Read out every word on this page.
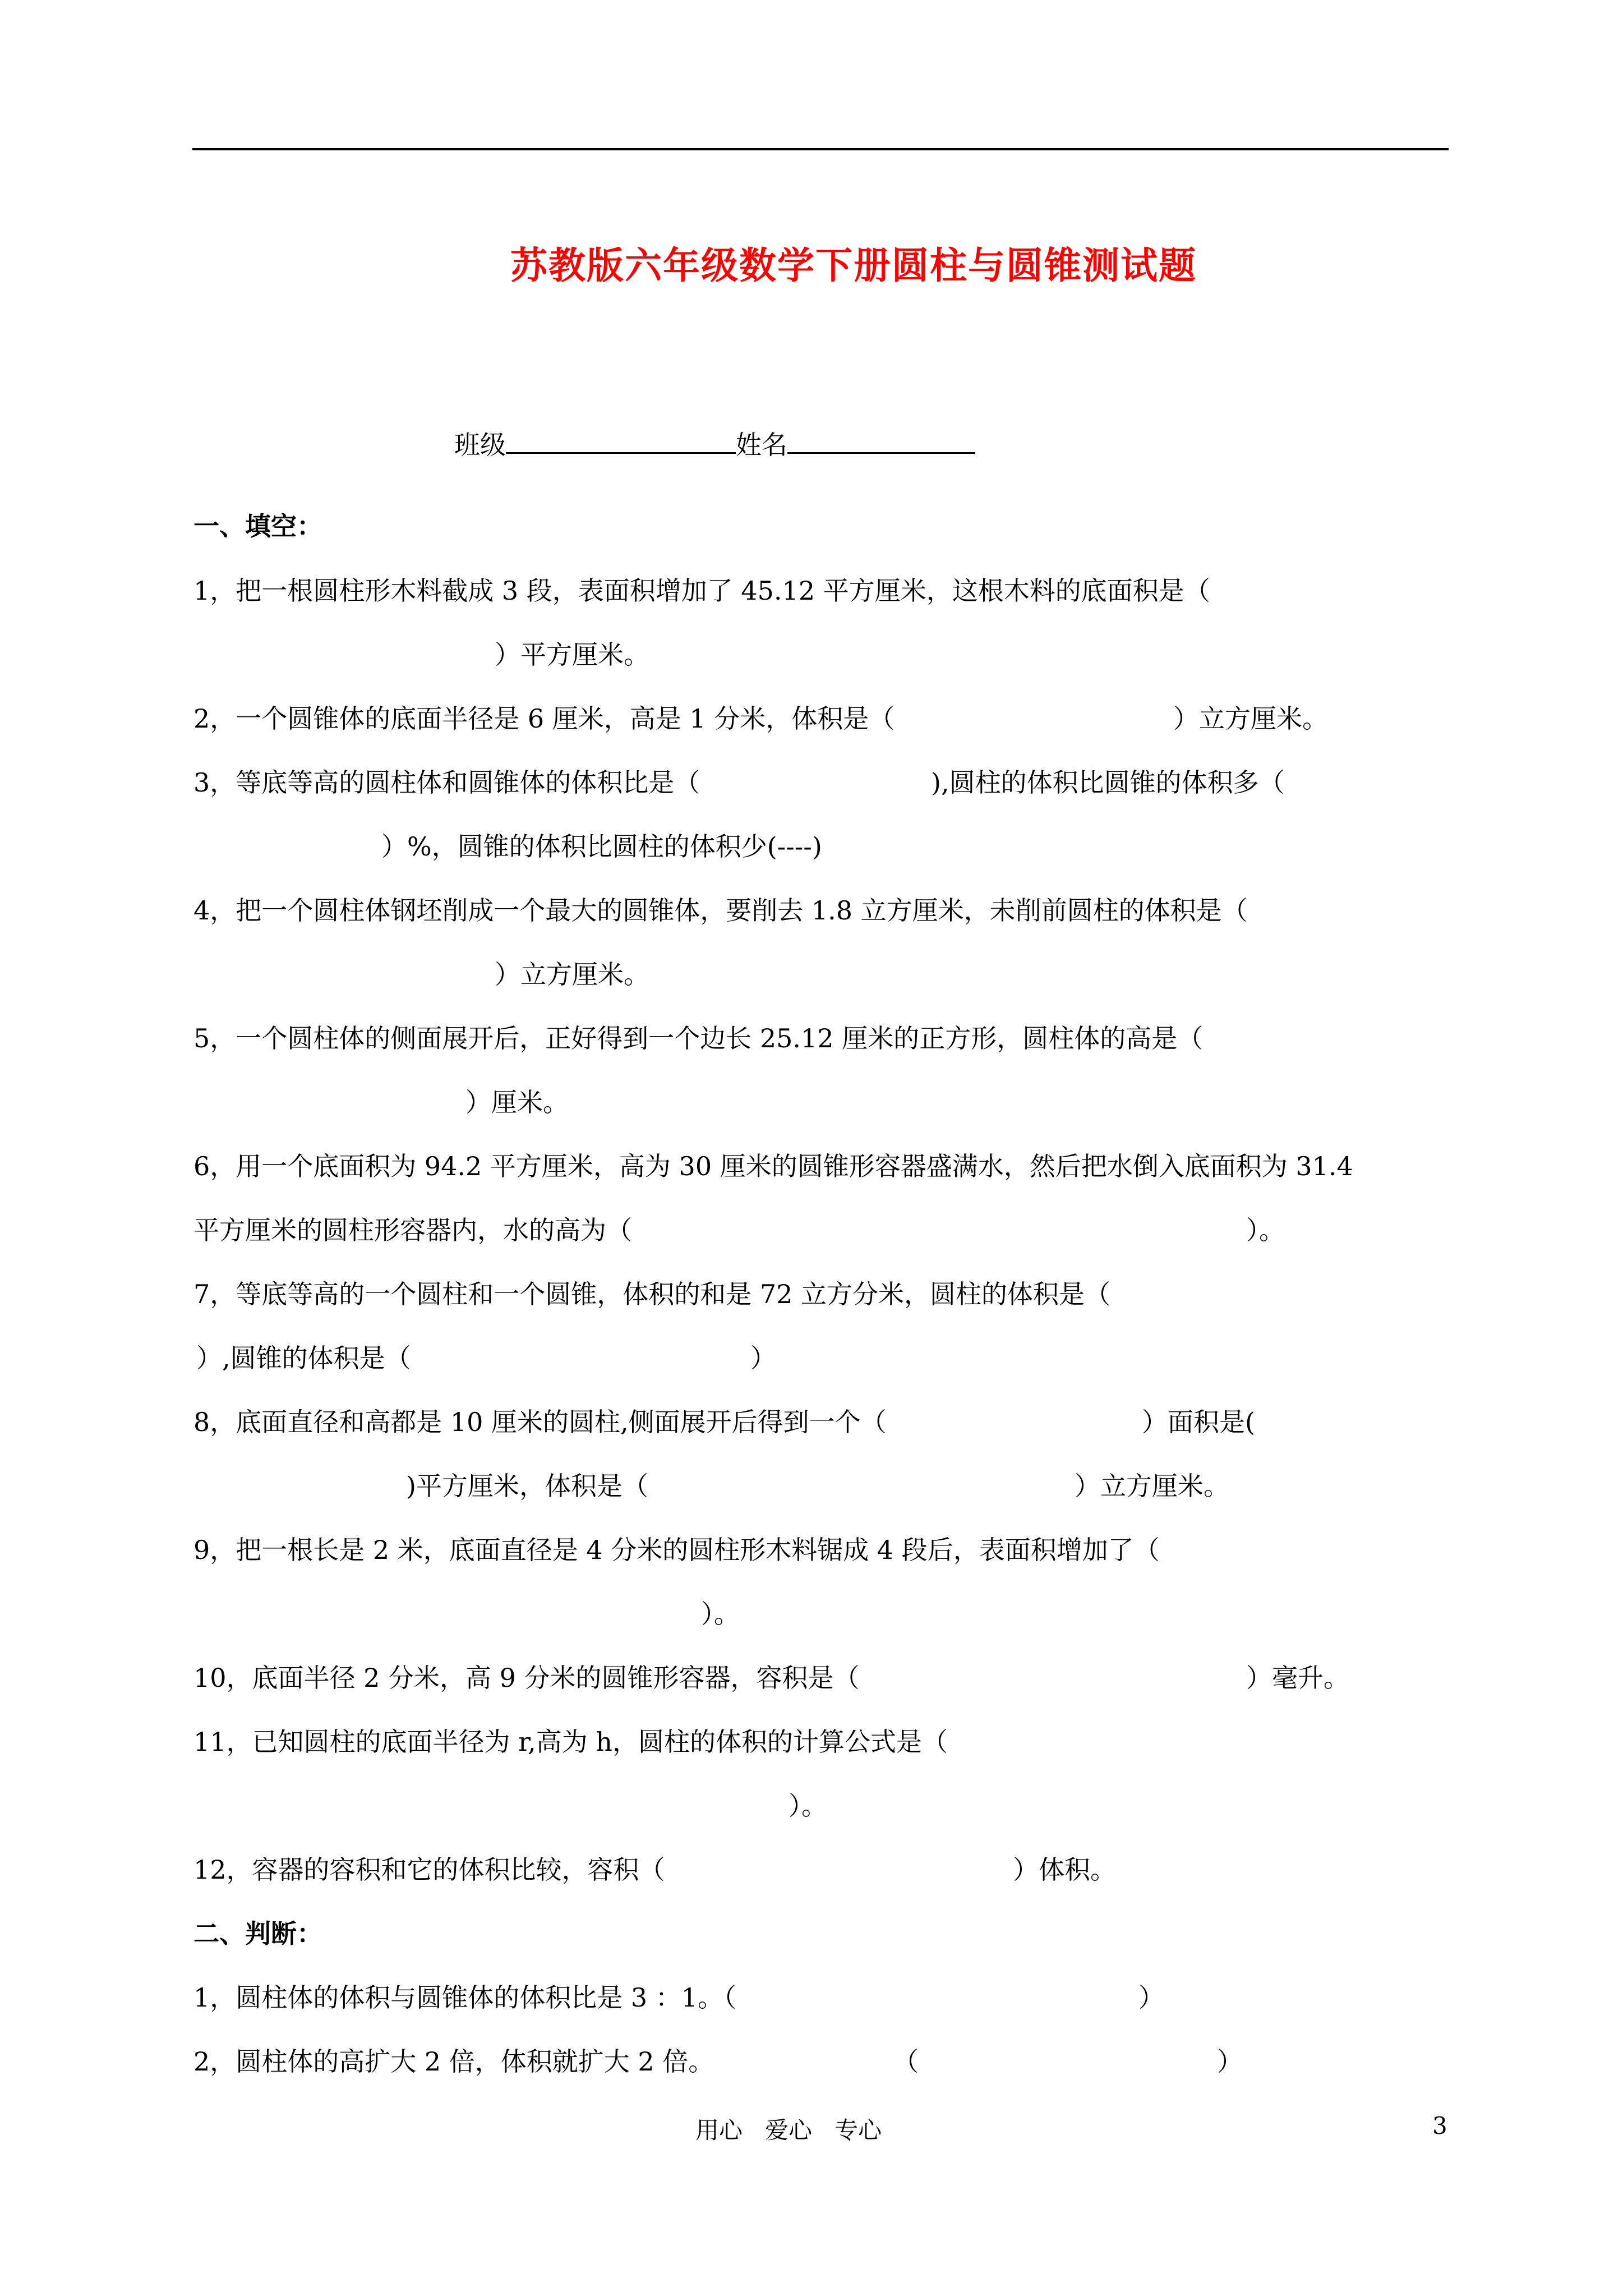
苏教版六年级数学下册圆柱与圆锥测试题
班级	姓名
一、填空：
1，把一根圆柱形木料截成 3 段，表面积增加了 45.12 平方厘米，这根木料的底面积是（
）平方厘米。
2，一个圆锥体的底面半径是 6 厘米，高是 1 分米，体积是（	）立方厘米。
3，等底等高的圆柱体和圆锥体的体积比是（	),圆柱的体积比圆锥的体积多（
）%，圆锥的体积比圆柱的体积少(----)
4，把一个圆柱体钢坯削成一个最大的圆锥体，要削去 1.8 立方厘米，未削前圆柱的体积是（
）立方厘米。
5，一个圆柱体的侧面展开后，正好得到一个边长 25.12 厘米的正方形，圆柱体的高是（
）厘米。
6，用一个底面积为 94.2 平方厘米，高为 30 厘米的圆锥形容器盛满水，然后把水倒入底面积为 31.4
平方厘米的圆柱形容器内，水的高为（	）。
7，等底等高的一个圆柱和一个圆锥，体积的和是 72 立方分米，圆柱的体积是（
）,圆锥的体积是（	）
8，底面直径和高都是 10 厘米的圆柱,侧面展开后得到一个（	）面积是(
)平方厘米，体积是（	）立方厘米。
9，把一根长是 2 米，底面直径是 4 分米的圆柱形木料锯成 4 段后，表面积增加了（
）。
10，底面半径 2 分米，高 9 分米的圆锥形容器，容积是（	）毫升。
11，已知圆柱的底面半径为 r,高为 h，圆柱的体积的计算公式是（
）。
12，容器的容积和它的体积比较，容积（	）体积。
二、判断：
1，圆柱体的体积与圆锥体的体积比是 3 ：1。（	）
2，圆柱体的高扩大 2 倍，体积就扩大 2 倍。	（	）
用心   爱心   专心	3
